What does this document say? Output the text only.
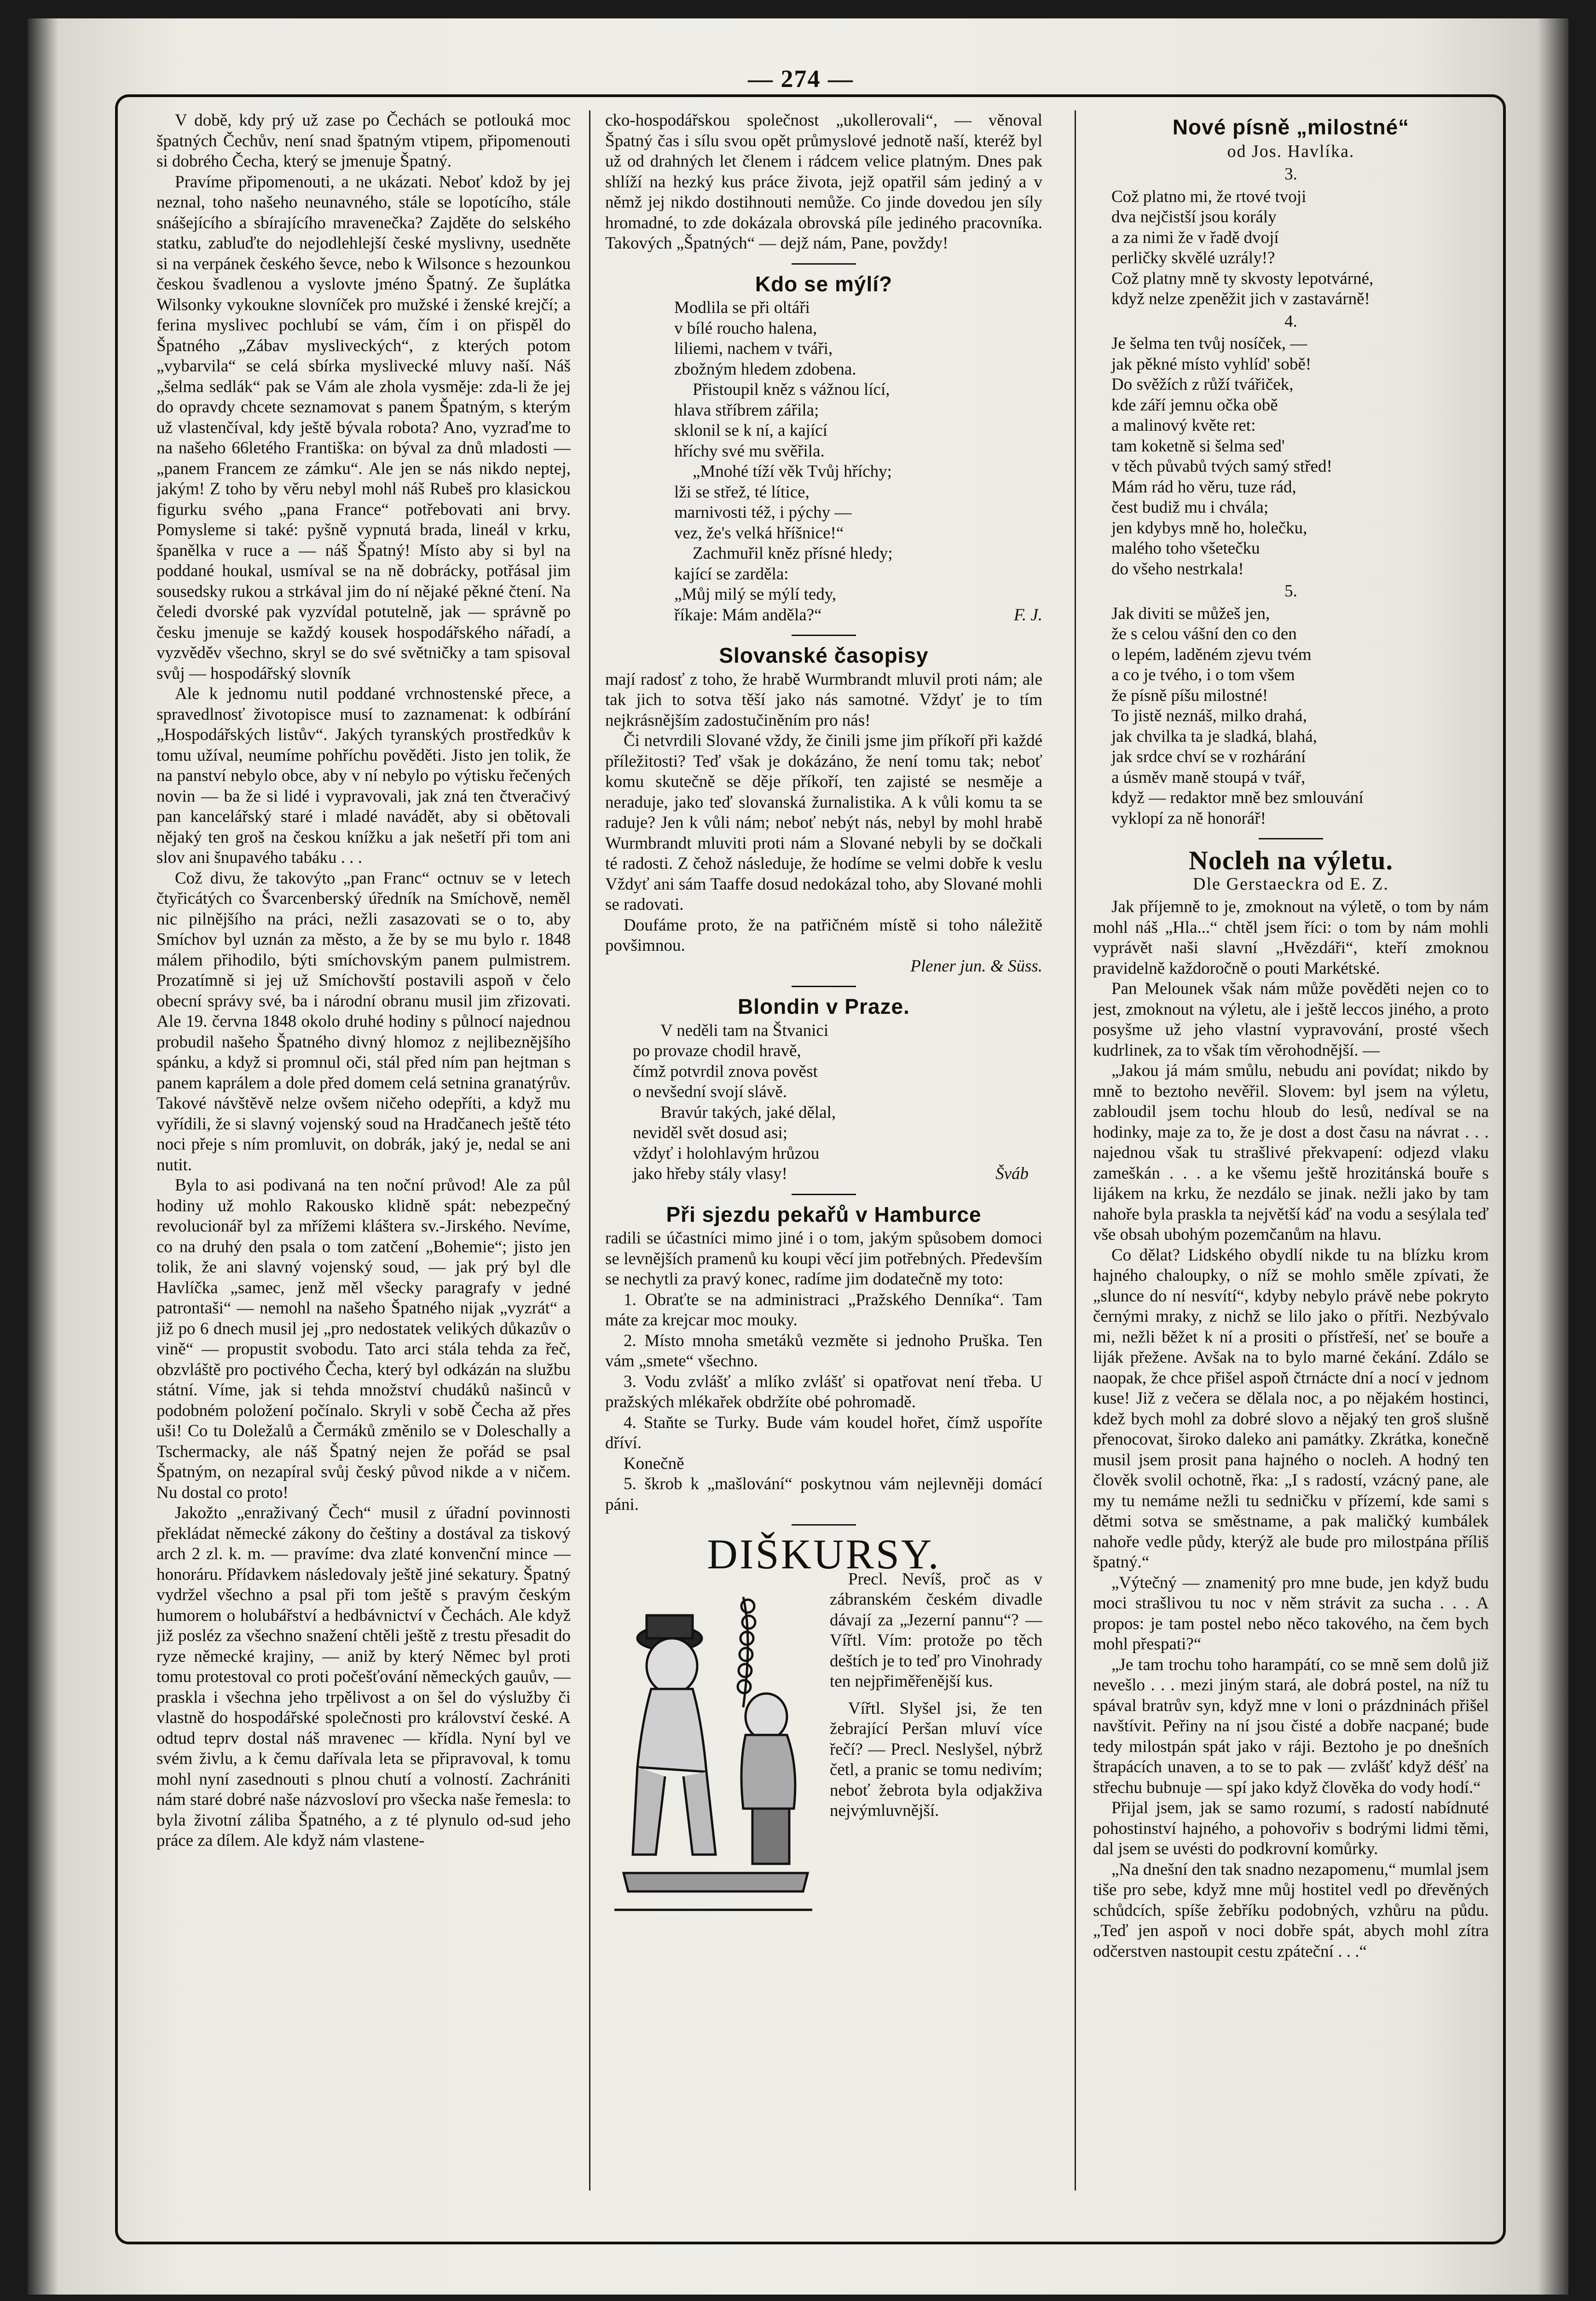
— 274 —

V době, kdy prý už zase po Čechách se potlouká moc špatných Čechův, není snad špatným vtipem, připomenouti si dobrého Čecha, který se jmenuje Špatný.

Pravíme připomenouti, a ne ukázati. Neboť kdož by jej neznal, toho našeho neunavného, stále se lopotícího, stále snášejícího a sbírajícího mravenečka? Zajděte do selského statku, zabluďte do nejodlehlejší české myslivny, usedněte si na verpánek českého ševce, nebo k Wilsonce s hezounkou českou švadlenou a vyslovte jméno Špatný. Ze šuplátka Wilsonky vykoukne slovníček pro mužské i ženské krejčí; a ferina myslivec pochlubí se vám, čím i on přispěl do Špatného „Zábav mysliveckých“, z kterých potom „vybarvila“ se celá sbírka myslivecké mluvy naší. Náš „šelma sedlák“ pak se Vám ale zhola vysměje: zda-li že jej do opravdy chcete seznamovat s panem Špatným, s kterým už vlastenčíval, kdy ještě bývala robota? Ano, vyzraďme to na našeho 66letého Františka: on býval za dnů mladosti — „panem Francem ze zámku“. Ale jen se nás nikdo neptej, jakým! Z toho by věru nebyl mohl náš Rubeš pro klasickou figurku svého „pana France“ potřebovati ani brvy. Pomysleme si také: pyšně vypnutá brada, lineál v krku, španělka v ruce a — náš Špatný! Místo aby si byl na poddané houkal, usmíval se na ně dobrácky, potřásal jim sousedsky rukou a strkával jim do ní nějaké pěkné čtení. Na čeledi dvorské pak vyzvídal potutelně, jak — správně po česku jmenuje se každý kousek hospodářského nářadí, a vyzvěděv všechno, skryl se do své světničky a tam spisoval svůj — hospodářský slovník

Ale k jednomu nutil poddané vrchnostenské přece, a spravedlnosť životopisce musí to zaznamenat: k odbírání „Hospodářských listův“. Jakých tyranských prostředkův k tomu užíval, neumíme pohříchu pověděti. Jisto jen tolik, že na panství nebylo obce, aby v ní nebylo po výtisku řečených novin — ba že si lidé i vypravovali, jak zná ten čtveračivý pan kancelářský staré i mladé navádět, aby si obětovali nějaký ten groš na českou knížku a jak nešetří při tom ani slov ani šnupavého tabáku . . .

Což divu, že takovýto „pan Franc“ octnuv se v letech čtyřicátých co Švarcenberský úředník na Smíchově, neměl nic pilnějšího na práci, nežli zasazovati se o to, aby Smíchov byl uznán za město, a že by se mu bylo r. 1848 málem přihodilo, býti smíchovským panem pulmistrem. Prozatímně si jej už Smíchovští postavili aspoň v čelo obecní správy své, ba i národní obranu musil jim zřizovati. Ale 19. června 1848 okolo druhé hodiny s půlnocí najednou probudil našeho Špatného divný hlomoz z nejlibeznějšího spánku, a když si promnul oči, stál před ním pan hejtman s panem kaprálem a dole před domem celá setnina granatýrův. Takové návštěvě nelze ovšem ničeho odepříti, a když mu vyřídili, že si slavný vojenský soud na Hradčanech ještě této noci přeje s ním promluvit, on dobrák, jaký je, nedal se ani nutit.

Byla to asi podivaná na ten noční průvod! Ale za půl hodiny už mohlo Rakousko klidně spát: nebezpečný revolucionář byl za mřížemi kláštera sv.-Jirského. Nevíme, co na druhý den psala o tom zatčení „Bohemie“; jisto jen tolik, že ani slavný vojenský soud, — jak prý byl dle Havlíčka „samec, jenž měl všecky paragrafy v jedné patrontaši“ — nemohl na našeho Špatného nijak „vyzrát“ a již po 6 dnech musil jej „pro nedostatek velikých důkazův o vině“ — propustit svobodu. Tato arci stála tehda za řeč, obzvláště pro poctivého Čecha, který byl odkázán na službu státní. Víme, jak si tehda množství chudáků našinců v podobném položení počínalo. Skryli v sobě Čecha až přes uši! Co tu Doležalů a Čermáků změnilo se v Doleschally a Tschermacky, ale náš Špatný nejen že pořád se psal Špatným, on nezapíral svůj český původ nikde a v ničem. Nu dostal co proto!

Jakožto „enraživaný Čech“ musil z úřadní povinnosti překládat německé zákony do češtiny a dostával za tiskový arch 2 zl. k. m. — pravíme: dva zlaté konvenční mince — honoráru. Přídavkem následovaly ještě jiné sekatury. Špatný vydržel všechno a psal při tom ještě s pravým českým humorem o holubářství a hedbávnictví v Čechách. Ale když již posléz za všechno snažení chtěli ještě z trestu přesadit do ryze německé krajiny, — aniž by který Němec byl proti tomu protestoval co proti počešťování německých gauův, — praskla i všechna jeho trpělivost a on šel do výslužby či vlastně do hospodářské společnosti pro království české. A odtud teprv dostal náš mravenec — křídla. Nyní byl ve svém živlu, a k čemu dařívala leta se připravoval, k tomu mohl nyní zasednouti s plnou chutí a volností. Zachrániti nám staré dobré naše názvosloví pro všecka naše řemesla: to byla životní záliba Špatného, a z té plynulo od-sud jeho práce za dílem. Ale když nám vlastene-

cko-hospodářskou společnost „ukollerovali“, — věnoval Špatný čas i sílu svou opět průmyslové jednotě naší, kteréž byl už od drahných let členem i rádcem velice platným. Dnes pak shlíží na hezký kus práce života, jejž opatřil sám jediný a v němž jej nikdo dostihnouti nemůže. Co jinde dovedou jen síly hromadné, to zde dokázala obrovská píle jediného pracovníka. Takových „Špatných“ — dejž nám, Pane, povždy!

Kdo se mýlí?
Modlila se při oltáři
v bílé roucho halena,
liliemi, nachem v tváři,
zbožným hledem zdobena.
Přistoupil kněz s vážnou lící,
hlava stříbrem zářila;
sklonil se k ní, a kající
hříchy své mu svěřila.
„Mnohé tíží věk Tvůj hříchy;
lži se střež, té lítice,
marnivosti též, i pýchy —
vez, že's velká hříšnice!“
Zachmuřil kněz přísné hledy;
kající se zarděla:
„Můj milý se mýlí tedy,
říkaje: Mám anděla?“	F. J.
Slovanské časopisy

mají radosť z toho, že hrabě Wurmbrandt mluvil proti nám; ale tak jich to sotva těší jako nás samotné. Vždyť je to tím nejkrásnějším zadostučiněním pro nás!

Či netvrdili Slované vždy, že činili jsme jim příkoří při každé příležitosti? Teď však je dokázáno, že není tomu tak; neboť komu skutečně se děje příkoří, ten zajisté se nesměje a neraduje, jako teď slovanská žurnalistika. A k vůli komu ta se raduje? Jen k vůli nám; neboť nebýt nás, nebyl by mohl hrabě Wurmbrandt mluviti proti nám a Slované nebyli by se dočkali té radosti. Z čehož následuje, že hodíme se velmi dobře k veslu Vždyť ani sám Taaffe dosud nedokázal toho, aby Slované mohli se radovati.

Doufáme proto, že na patřičném místě si toho náležitě povšimnou.

Plener jun. & Süss.
Blondin v Praze.
V neděli tam na Štvanici
po provaze chodil hravě,
čímž potvrdil znova pověst
o nevšední svojí slávě.
Bravúr takých, jaké dělal,
neviděl svět dosud asi;
vždyť i holohlavým hrůzou
jako hřeby stály vlasy!	Šváb
Při sjezdu pekařů v Hamburce

radili se účastníci mimo jiné i o tom, jakým spůsobem domoci se levnějších pramenů ku koupi věcí jim potřebných. Především se nechytli za pravý konec, radíme jim dodatečně my toto:

1. Obraťte se na administraci „Pražského Denníka“. Tam máte za krejcar moc mouky.

2. Místo mnoha smetáků vezměte si jednoho Pruška. Ten vám „smete“ všechno.

3. Vodu zvlášť a mlíko zvlášť si opatřovat není třeba. U pražských mlékařek obdržíte obé pohromadě.

4. Staňte se Turky. Bude vám koudel hořet, čímž uspoříte dříví.

Konečně

5. škrob k „mašlování“ poskytnou vám nejlevněji domácí páni.

DIŠKURSY.

Precl. Nevíš, proč as v zábranském českém divadle dávají za „Jezerní pannu“? — Vířtl. Vím: protože po těch deštích je to teď pro Vinohrady ten nejpřiměřenější kus.

Vířtl. Slyšel jsi, že ten žebrající Peršan mluví více řečí? — Precl. Neslyšel, nýbrž četl, a pranic se tomu nedivím; neboť žebrota byla odjakživa nejvýmluvnější.

Nové písně „milostné“
od Jos. Havlíka.
3.
Což platno mi, že rtové tvoji
dva nejčistší jsou korály
a za nimi že v řadě dvojí
perličky skvělé uzrály!?
Což platny mně ty skvosty lepotvárné,
když nelze zpeněžit jich v zastavárně!
4.
Je šelma ten tvůj nosíček, —
jak pěkné místo vyhlíd' sobě!
Do svěžích z růží tvářiček,
kde září jemnu očka obě
a malinový květe ret:
tam koketně si šelma sed'
v těch půvabů tvých samý střed!
Mám rád ho věru, tuze rád,
čest budiž mu i chvála;
jen kdybys mně ho, holečku,
malého toho všetečku
do všeho nestrkala!
5.
Jak diviti se můžeš jen,
že s celou vášní den co den
o lepém, laděném zjevu tvém
a co je tvého, i o tom všem
že písně píšu milostné!
To jistě neznáš, milko drahá,
jak chvilka ta je sladká, blahá,
jak srdce chví se v rozhárání
a úsměv maně stoupá v tvář,
když — redaktor mně bez smlouvání
vyklopí za ně honorář!
Nocleh na výletu.
Dle Gerstaeckra od E. Z.

Jak příjemně to je, zmoknout na výletě, o tom by nám mohl náš „Hla...“ chtěl jsem říci: o tom by nám mohli vyprávět naši slavní „Hvězdáři“, kteří zmoknou pravidelně každoročně o pouti Markétské.

Pan Melounek však nám může pověděti nejen co to jest, zmoknout na výletu, ale i ještě leccos jiného, a proto posyšme už jeho vlastní vypravování, prosté všech kudrlinek, za to však tím věrohodnější. —

„Jakou já mám smůlu, nebudu ani povídat; nikdo by mně to beztoho nevěřil. Slovem: byl jsem na výletu, zabloudil jsem tochu hloub do lesů, nedíval se na hodinky, maje za to, že je dost a dost času na návrat . . . najednou však tu strašlivé překvapení: odjezd vlaku zameškán . . . a ke všemu ještě hrozitánská bouře s lijákem na krku, že nezdálo se jinak. nežli jako by tam nahoře byla praskla ta největší káď na vodu a sesýlala teď vše obsah ubohým pozemčanům na hlavu.

Co dělat? Lidského obydlí nikde tu na blízku krom hajného chaloupky, o níž se mohlo směle zpívati, že „slunce do ní nesvítí“, kdyby nebylo právě nebe pokryto černými mraky, z nichž se lilo jako o přítři. Nezbývalo mi, nežli běžet k ní a prositi o přístřeší, neť se bouře a liják přežene. Avšak na to bylo marné čekání. Zdálo se naopak, že chce přišel aspoň čtrnácte dní a nocí v jednom kuse! Již z večera se dělala noc, a po nějakém hostinci, kdež bych mohl za dobré slovo a nějaký ten groš slušně přenocovat, široko daleko ani památky. Zkrátka, konečně musil jsem prosit pana hajného o nocleh. A hodný ten člověk svolil ochotně, řka: „I s radostí, vzácný pane, ale my tu nemáme nežli tu sedničku v přízemí, kde sami s dětmi sotva se směstname, a pak maličký kumbálek nahoře vedle půdy, kterýž ale bude pro milostpána příliš špatný.“

„Výtečný — znamenitý pro mne bude, jen když budu moci strašlivou tu noc v něm strávit za sucha . . . A propos: je tam postel nebo něco takového, na čem bych mohl přespati?“

„Je tam trochu toho harampátí, co se mně sem dolů již nevešlo . . . mezi jiným stará, ale dobrá postel, na níž tu spával bratrův syn, když mne v loni o prázdninách přišel navštívit. Peřiny na ní jsou čisté a dobře nacpané; bude tedy milostpán spát jako v ráji. Beztoho je po dnešních štrapácích unaven, a to se to pak — zvlášť když déšť na střechu bubnuje — spí jako když člověka do vody hodí.“

Přijal jsem, jak se samo rozumí, s radostí nabídnuté pohostinství hajného, a pohovořiv s bodrými lidmi těmi, dal jsem se uvésti do podkrovní komůrky.

„Na dnešní den tak snadno nezapomenu,“ mumlal jsem tiše pro sebe, když mne můj hostitel vedl po dřevěných schůdcích, spíše žebříku podobných, vzhůru na půdu. „Teď jen aspoň v noci dobře spát, abych mohl zítra odčerstven nastoupit cestu zpáteční . . .“
